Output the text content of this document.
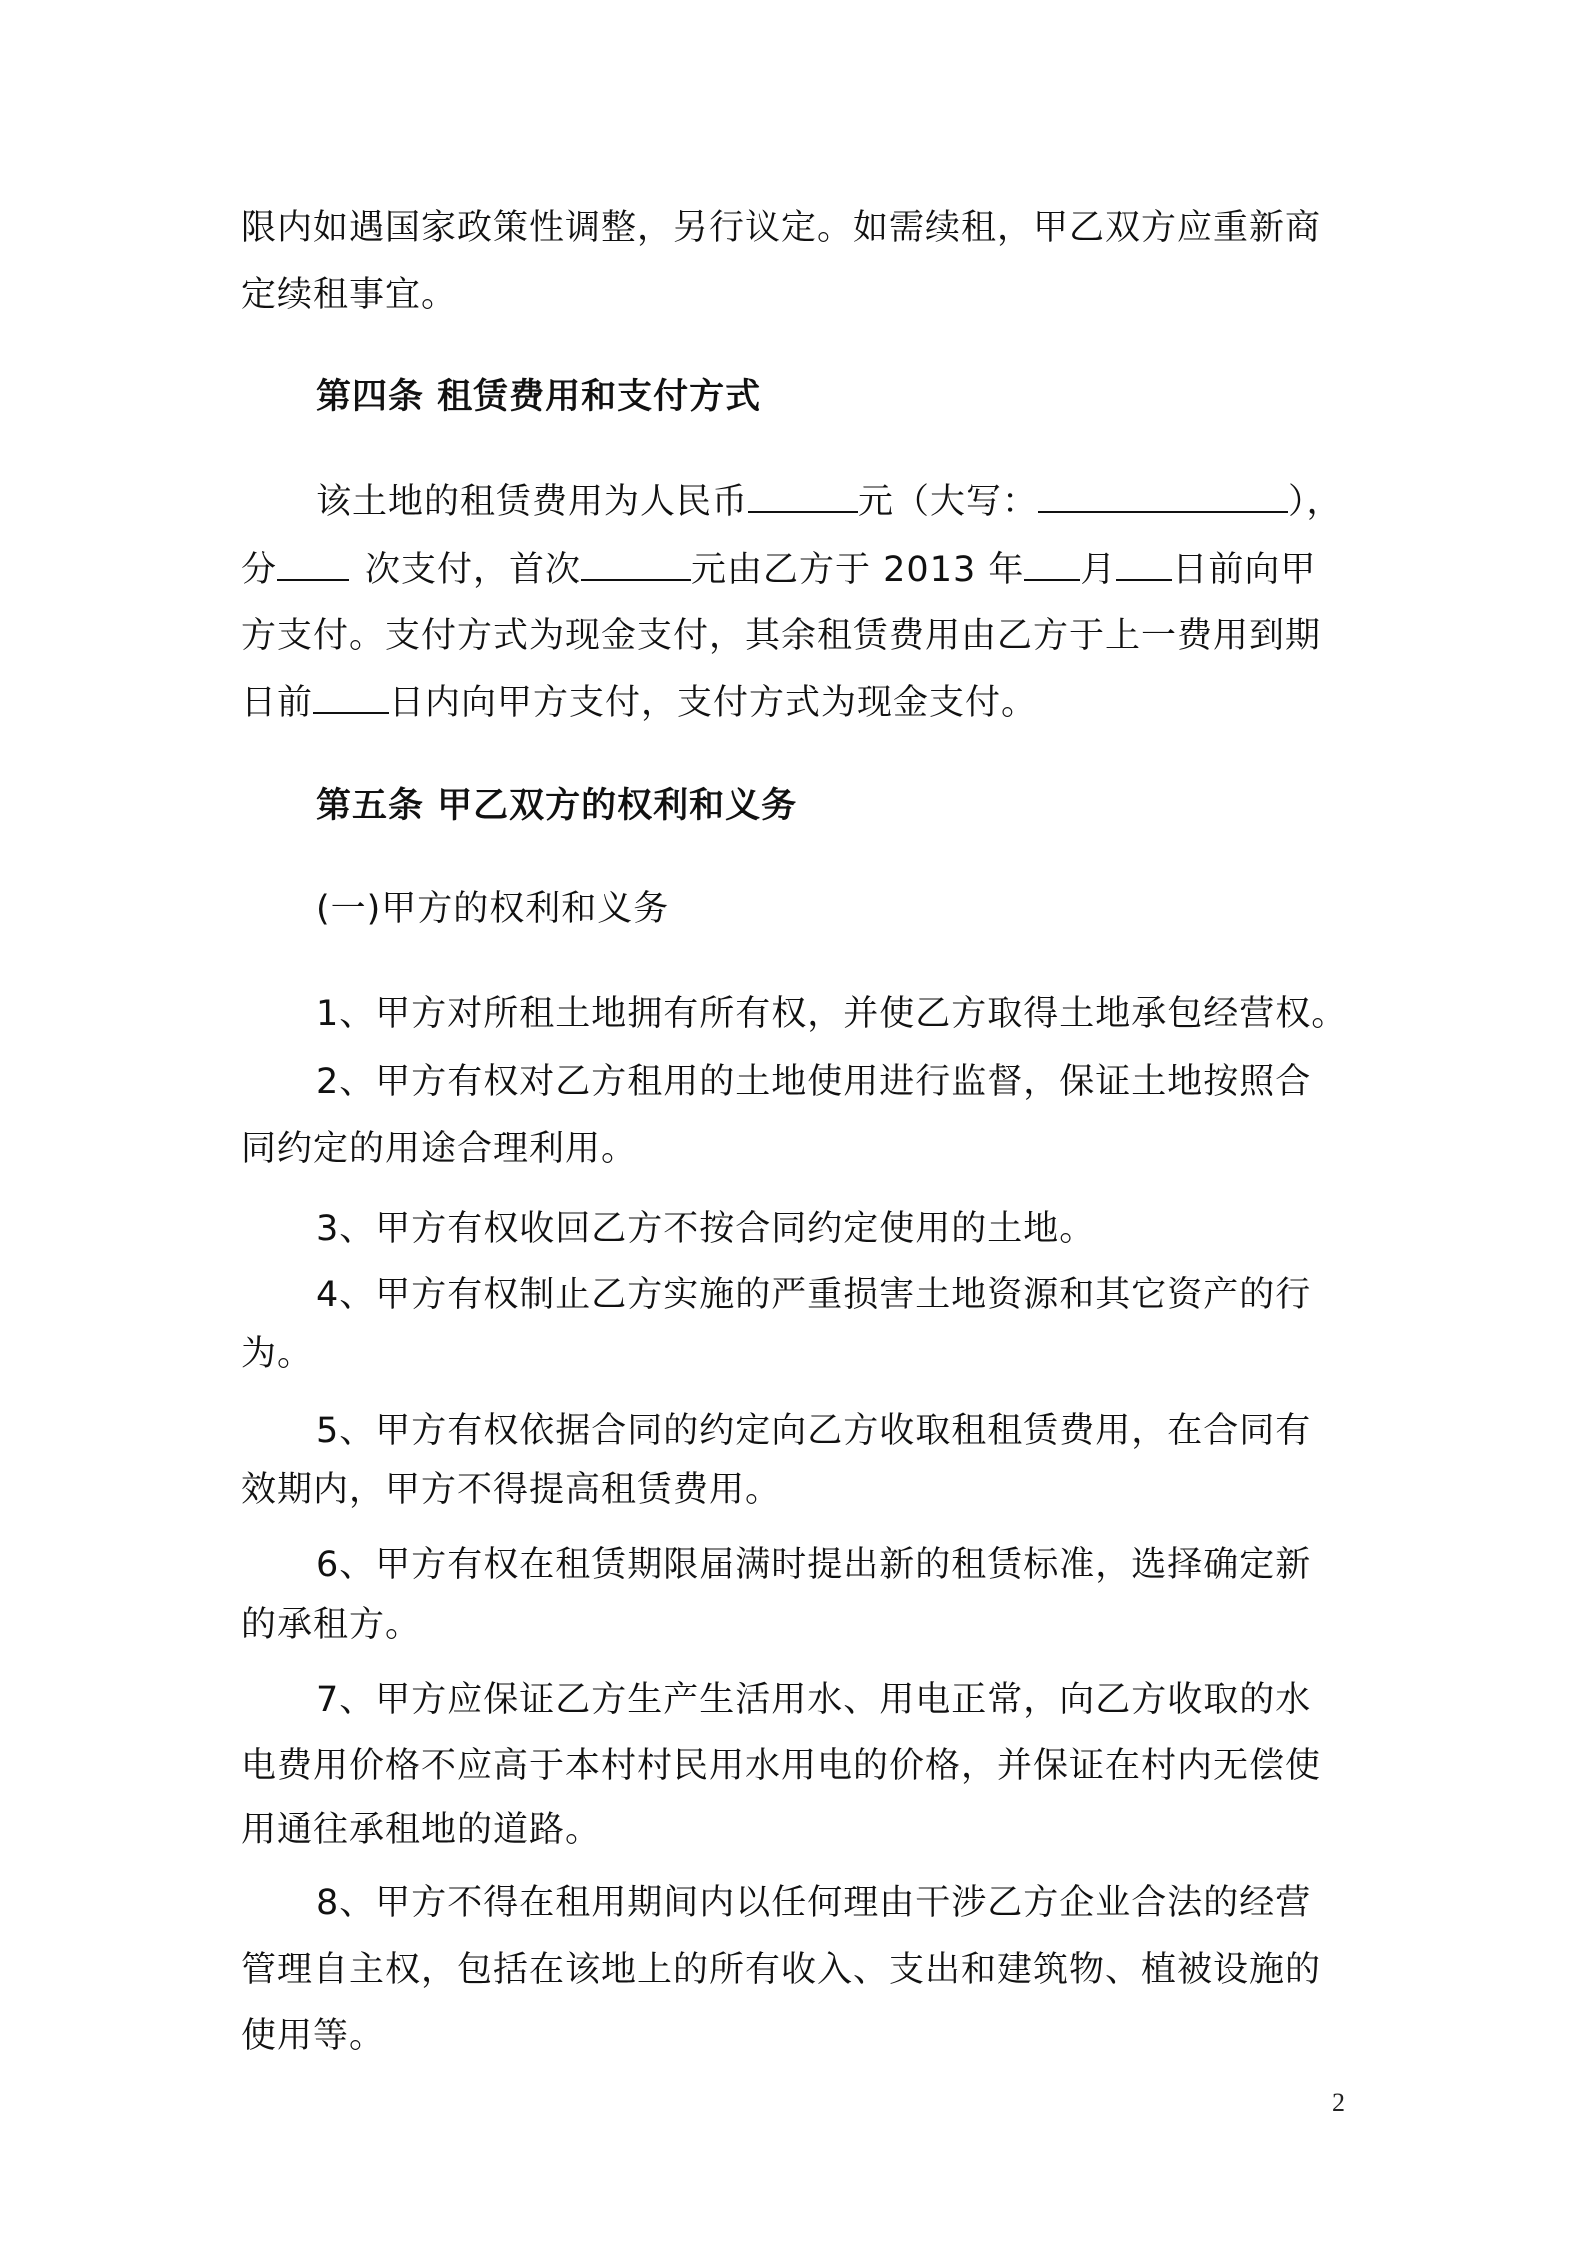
限内如遇国家政策性调整，另行议定。如需续租，甲乙双方应重新商
定续租事宜。
第四条 租赁费用和支付方式
该土地的租赁费用为人民币	元（大写：	），
分	次支付，首次	元由乙方于 2013 年 月 日前向甲
方支付。支付方式为现金支付，其余租赁费用由乙方于上一费用到期
日前 日内向甲方支付，支付方式为现金支付。
第五条 甲乙双方的权利和义务
(一)甲方的权利和义务
1、甲方对所租土地拥有所有权，并使乙方取得土地承包经营权。
2、甲方有权对乙方租用的土地使用进行监督，保证土地按照合
同约定的用途合理利用。
3、甲方有权收回乙方不按合同约定使用的土地。
4、甲方有权制止乙方实施的严重损害土地资源和其它资产的行
为。
5、甲方有权依据合同的约定向乙方收取租租赁费用，在合同有
效期内，甲方不得提高租赁费用。
6、甲方有权在租赁期限届满时提出新的租赁标准，选择确定新
的承租方。
7、甲方应保证乙方生产生活用水、用电正常，向乙方收取的水
电费用价格不应高于本村村民用水用电的价格，并保证在村内无偿使
用通往承租地的道路。
8、甲方不得在租用期间内以任何理由干涉乙方企业合法的经营
管理自主权，包括在该地上的所有收入、支出和建筑物、植被设施的
使用等。
2
